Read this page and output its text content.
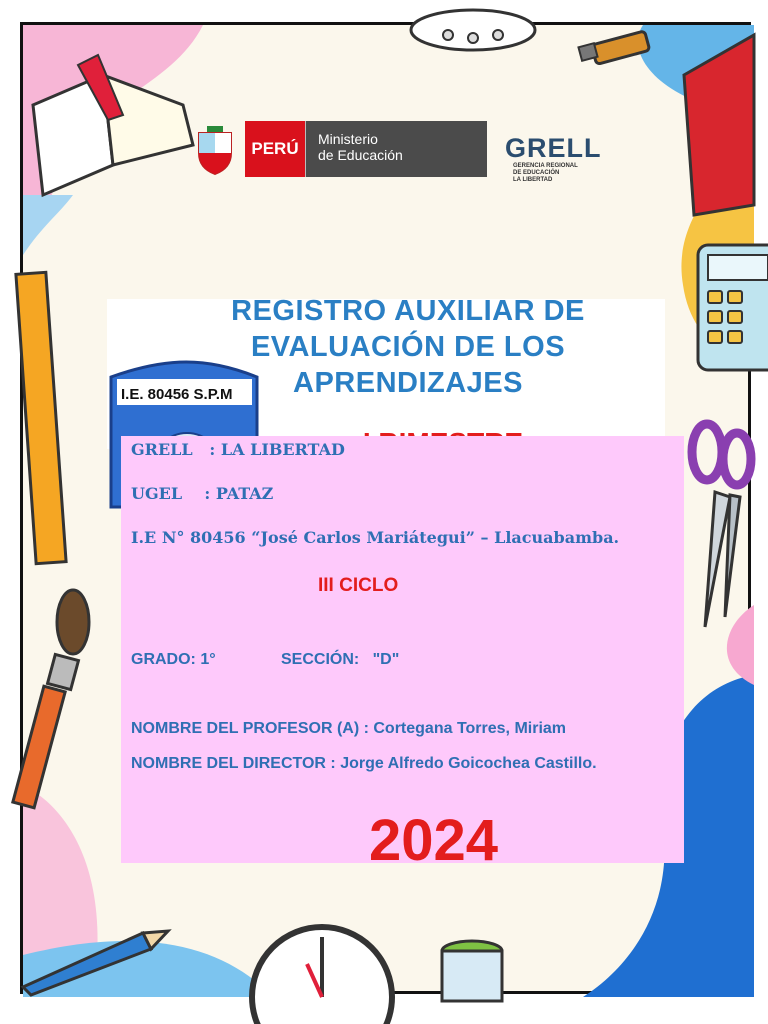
PERÚ	Ministerio
de Educación	GRELL
GERENCIA REGIONAL
DE EDUCACIÓN
LA LIBERTAD
I.E. 80456 S.P.M
REGISTRO AUXILIAR DE
EVALUACIÓN DE LOS
APRENDIZAJES
GRELL   : LA LIBERTAD
UGEL    : PATAZ
I.E N° 80456 “José Carlos Mariátegui” – Llacuabamba.
III CICLO
GRADO: 1°	SECCIÓN:   "D"
NOMBRE DEL PROFESOR (A) : Cortegana Torres, Miriam
NOMBRE DEL DIRECTOR : Jorge Alfredo Goicochea Castillo.
2024
